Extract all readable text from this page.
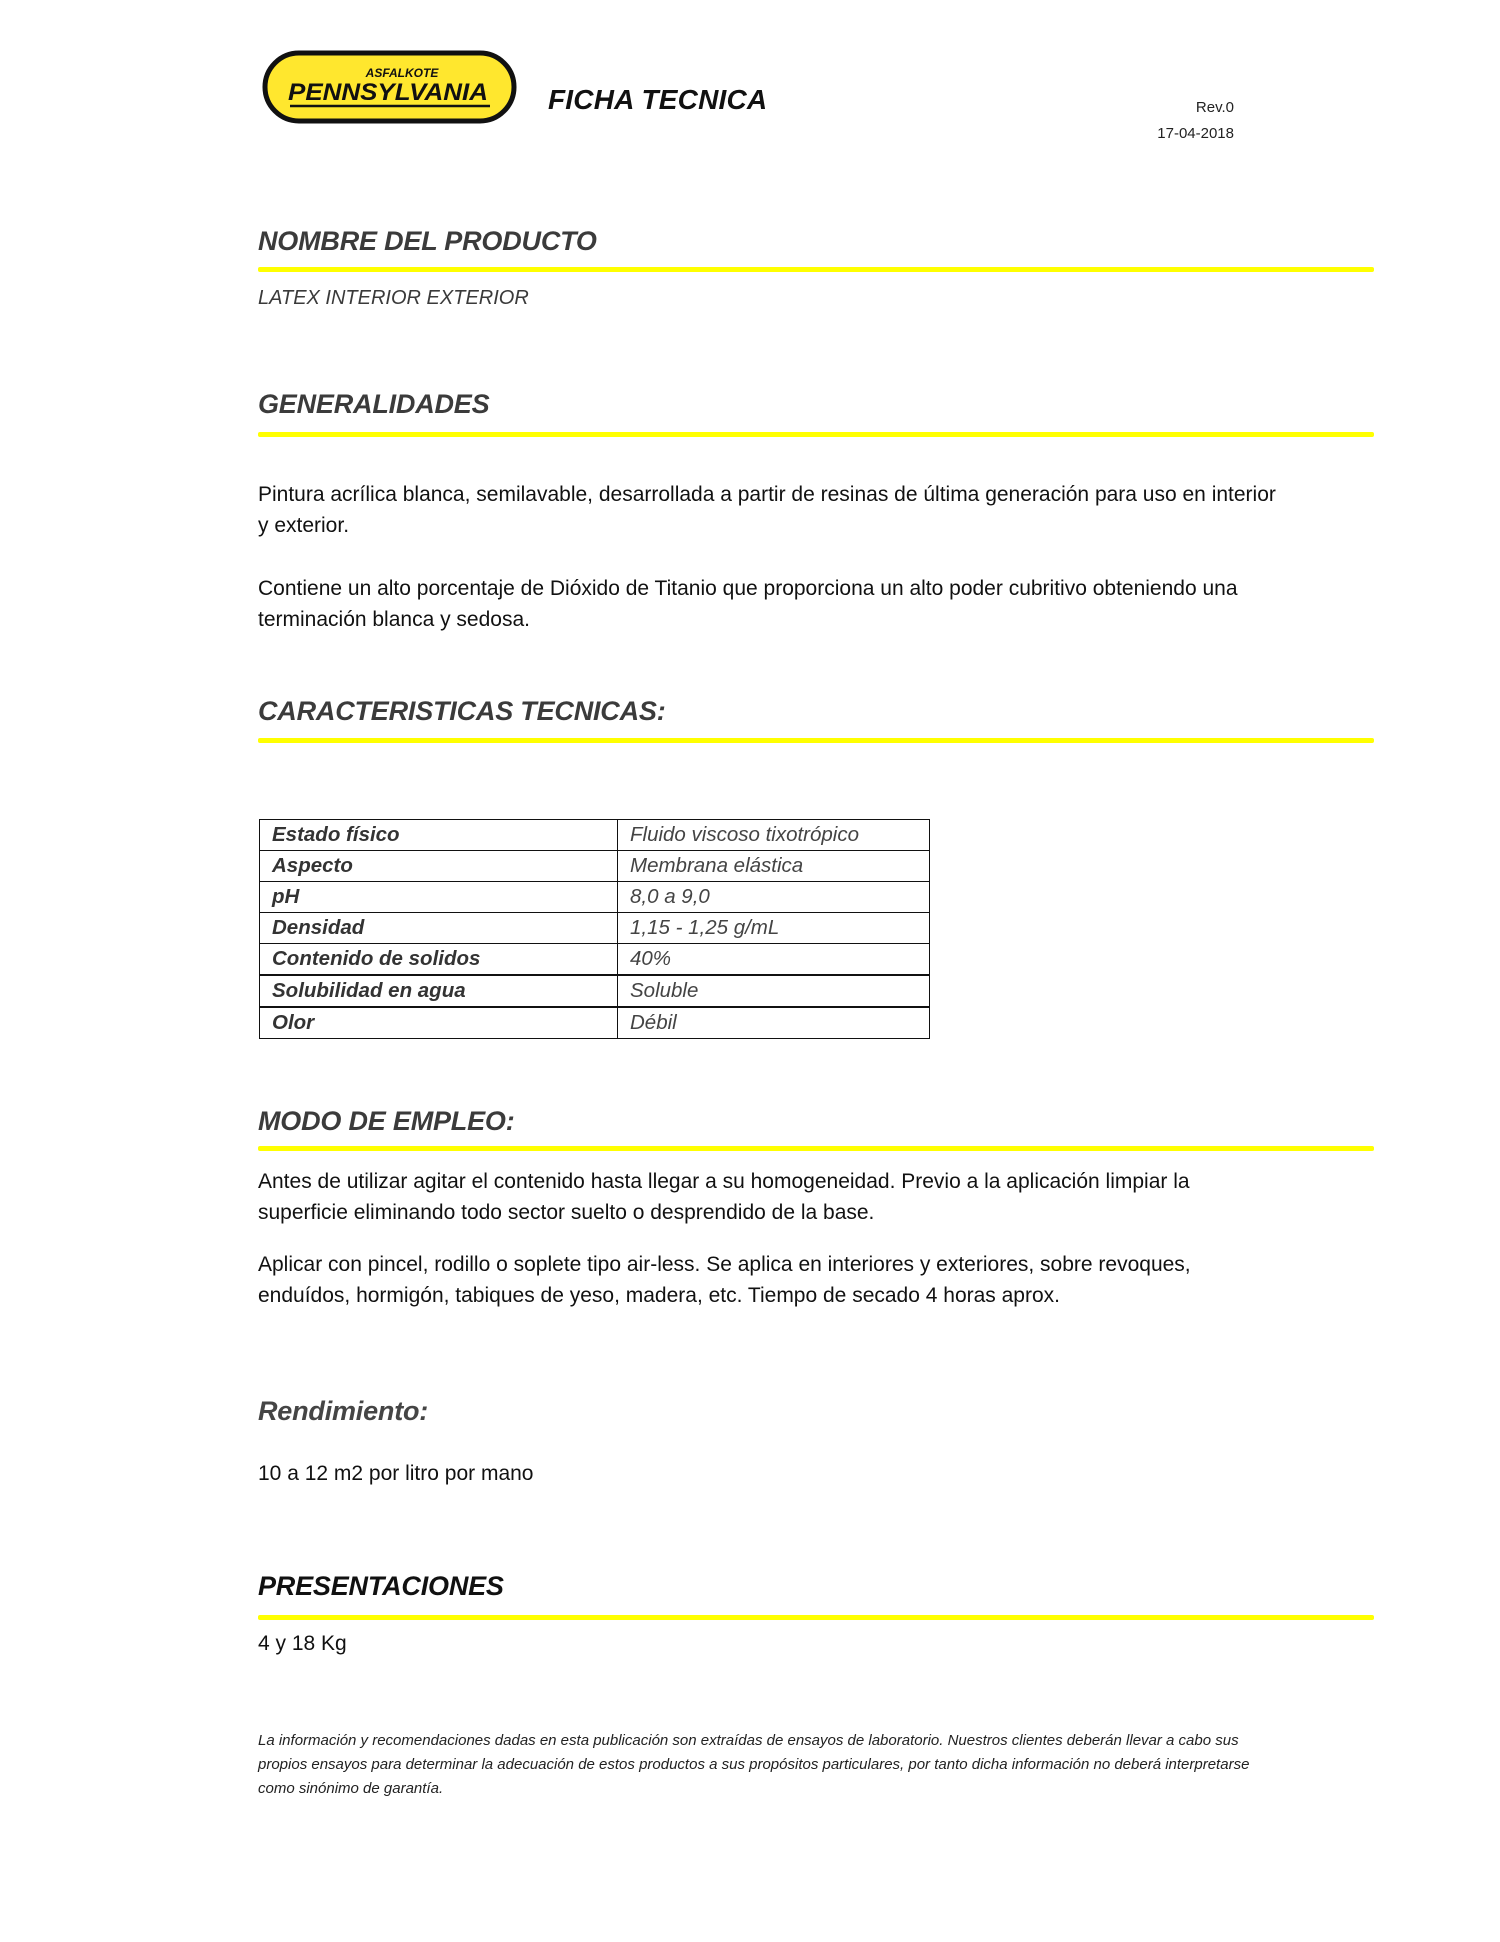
ASFALKOTE
PENNSYLVANIA FICHA TECNICA	Rev.0
17-04-2018
NOMBRE DEL PRODUCTO
LATEX INTERIOR EXTERIOR
GENERALIDADES
Pintura acrílica blanca, semilavable, desarrollada a partir de resinas de última generación para uso en interior y exterior.
Contiene un alto porcentaje de Dióxido de Titanio que proporciona un alto poder cubritivo obteniendo una terminación blanca y sedosa.
CARACTERISTICAS TECNICAS:
Estado físico	Fluido viscoso tixotrópico
Aspecto	Membrana elástica
pH	8,0 a 9,0
Densidad	1,15 - 1,25 g/mL
Contenido de solidos	40%
Solubilidad en agua	Soluble
Olor	Débil
MODO DE EMPLEO:
Antes de utilizar agitar el contenido hasta llegar a su homogeneidad. Previo a la aplicación limpiar la superficie eliminando todo sector suelto o desprendido de la base.
Aplicar con pincel, rodillo o soplete tipo air-less. Se aplica en interiores y exteriores, sobre revoques, enduídos, hormigón, tabiques de yeso, madera, etc. Tiempo de secado 4 horas aprox.
Rendimiento:
10 a 12 m2 por litro por mano
PRESENTACIONES
4 y 18 Kg
La información y recomendaciones dadas en esta publicación son extraídas de ensayos de laboratorio. Nuestros clientes deberán llevar a cabo sus propios ensayos para determinar la adecuación de estos productos a sus propósitos particulares, por tanto dicha información no deberá interpretarse como sinónimo de garantía.
